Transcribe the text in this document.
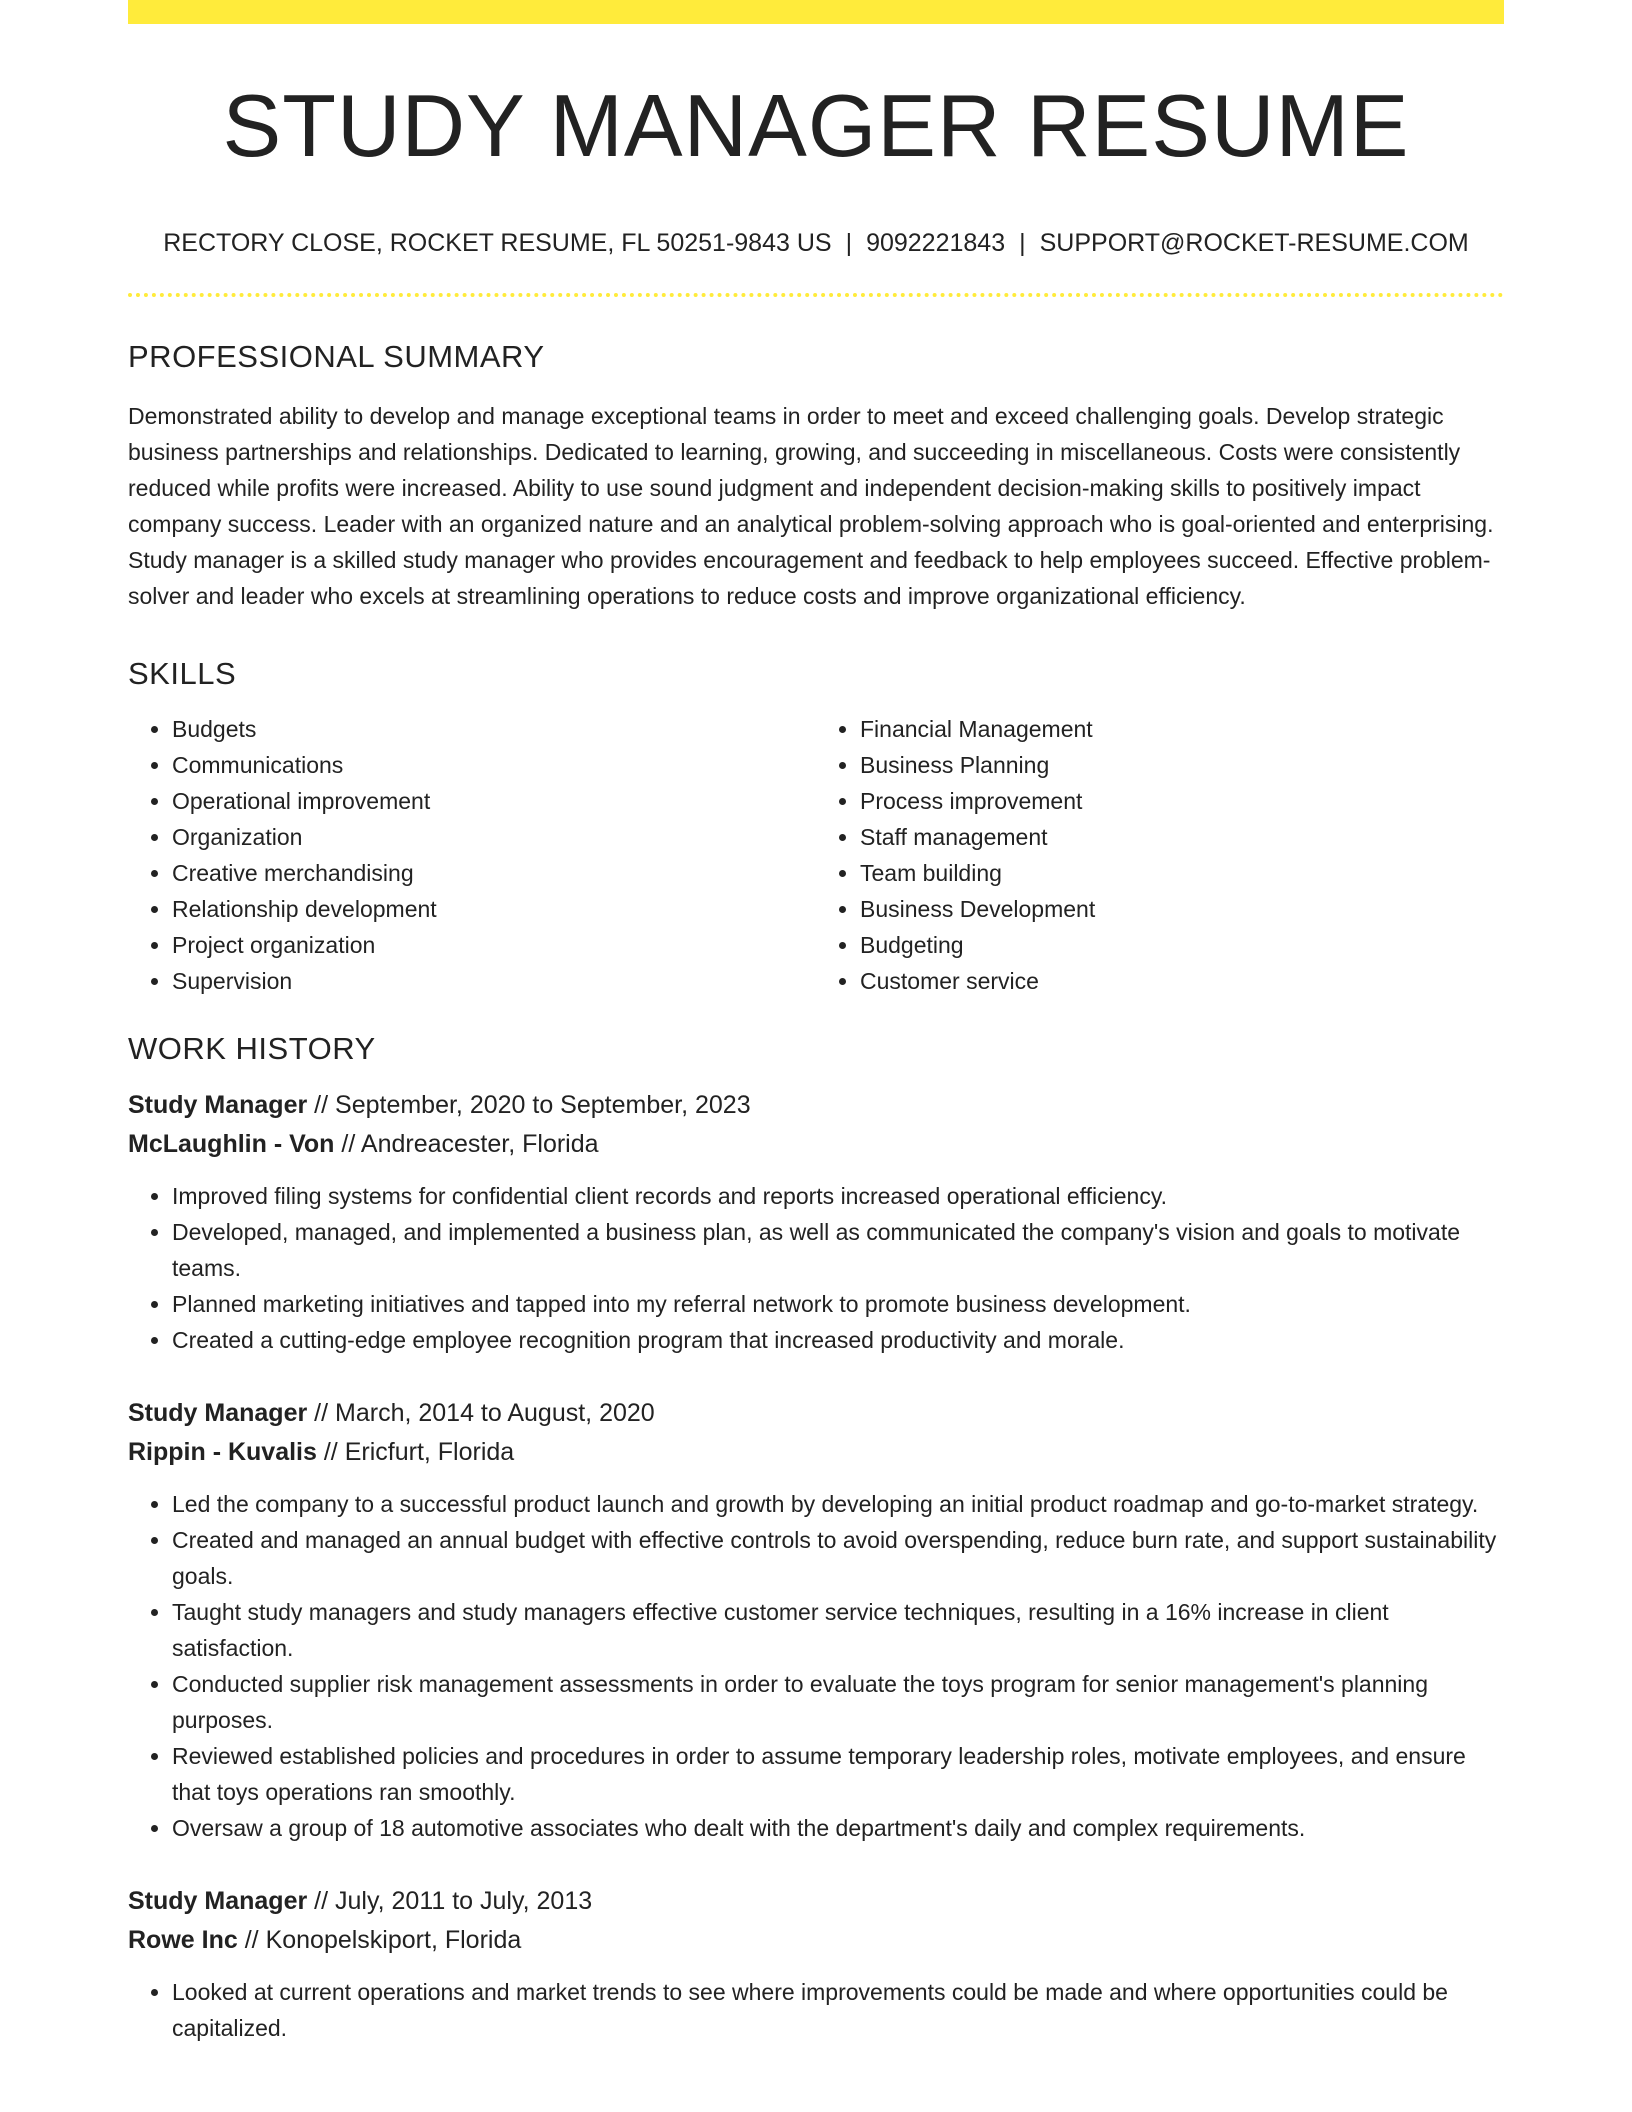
STUDY MANAGER RESUME
RECTORY CLOSE, ROCKET RESUME, FL 50251-9843 US | 9092221843 | SUPPORT@ROCKET-RESUME.COM
PROFESSIONAL SUMMARY

Demonstrated ability to develop and manage exceptional teams in order to meet and exceed challenging goals. Develop strategic business partnerships and relationships. Dedicated to learning, growing, and succeeding in miscellaneous. Costs were consistently reduced while profits were increased. Ability to use sound judgment and independent decision-making skills to positively impact company success. Leader with an organized nature and an analytical problem-solving approach who is goal-oriented and enterprising. Study manager is a skilled study manager who provides encouragement and feedback to help employees succeed. Effective problem-solver and leader who excels at streamlining operations to reduce costs and improve organizational efficiency.

SKILLS
• Budgets
• Communications
• Operational improvement
• Organization
• Creative merchandising
• Relationship development
• Project organization
• Supervision
• Financial Management
• Business Planning
• Process improvement
• Staff management
• Team building
• Business Development
• Budgeting
• Customer service
WORK HISTORY
Study Manager // September, 2020 to September, 2023
McLaughlin - Von // Andreacester, Florida
• Improved filing systems for confidential client records and reports increased operational efficiency.
• Developed, managed, and implemented a business plan, as well as communicated the company's vision and goals to motivate teams.
• Planned marketing initiatives and tapped into my referral network to promote business development.
• Created a cutting-edge employee recognition program that increased productivity and morale.
Study Manager // March, 2014 to August, 2020
Rippin - Kuvalis // Ericfurt, Florida
• Led the company to a successful product launch and growth by developing an initial product roadmap and go-to-market strategy.
• Created and managed an annual budget with effective controls to avoid overspending, reduce burn rate, and support sustainability goals.
• Taught study managers and study managers effective customer service techniques, resulting in a 16% increase in client satisfaction.
• Conducted supplier risk management assessments in order to evaluate the toys program for senior management's planning purposes.
• Reviewed established policies and procedures in order to assume temporary leadership roles, motivate employees, and ensure that toys operations ran smoothly.
• Oversaw a group of 18 automotive associates who dealt with the department's daily and complex requirements.
Study Manager // July, 2011 to July, 2013
Rowe Inc // Konopelskiport, Florida
• Looked at current operations and market trends to see where improvements could be made and where opportunities could be capitalized.
